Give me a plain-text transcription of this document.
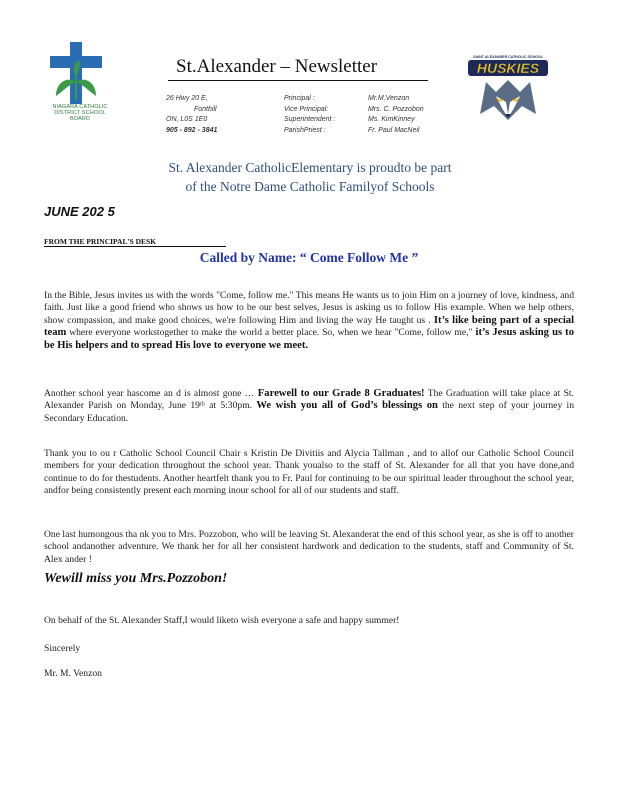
NIAGARA CATHOLIC
DISTRICT SCHOOL BOARD
St.Alexander – Newsletter
26 Hwy 20 E,
Fonthill
ON, L0S 1E0
905 - 892 - 3841
Principal :
Vice Principal:
Superintendent :
ParishPriest :
Mr.M.Venzon
Mrs. C. Pozzobon
Ms. KimKinney
Fr. Paul MacNeil
SAINT ALEXANDER CATHOLIC SCHOOL
HUSKIES
St. Alexander CatholicElementary is proudto be part
of the Notre Dame Catholic Familyof Schools
JUNE 202 5
FROM THE PRINCIPAL'S DESK
Called by Name: “ Come Follow Me ”
In the Bible, Jesus invites us with the words "Come, follow me." This means He wants us to join Him on a journey of love, kindness, and faith. Just like a good friend who shows us how to be our best selves, Jesus is asking us to follow His example. When we help others, show compassion, and make good choices, we're following Him and living the way He taught us . It’s like being part of a special team where everyone workstogether to make the world a better place. So, when we hear "Come, follow me," it’s Jesus asking us to be His helpers and to spread His love to everyone we meet.
Another school year hascome an d is almost gone … Farewell to our Grade 8 Graduates! The Graduation will take place at St. Alexander Parish on Monday, June 19ᵗʰ at 5:30pm. We wish you all of God’s blessings on the next step of your journey in Secondary Education.
Thank you to ou r Catholic School Council Chair s Kristin De Divitiis and Alycia Tallman , and to allof our Catholic School Council members for your dedication throughout the school year. Thank youalso to the staff of St. Alexander for all that you have done,and continue to do for thestudents. Another heartfelt thank you to Fr. Paul for continuing to be our spiritual leader throughout the school year, andfor being consistently present each morning inour school for all of our students and staff.
One last humongous tha nk you to Mrs. Pozzobon, who will be leaving St. Alexanderat the end of this school year, as she is off to another school andanother adventure. We thank her for all her consistent hardwork and dedication to the students, staff and Community of St. Alex ander !
Wewill miss you Mrs.Pozzobon!
On behalf of the St. Alexander Staff,I would liketo wish everyone a safe and happy summer!
Sincerely
Mr. M. Venzon
